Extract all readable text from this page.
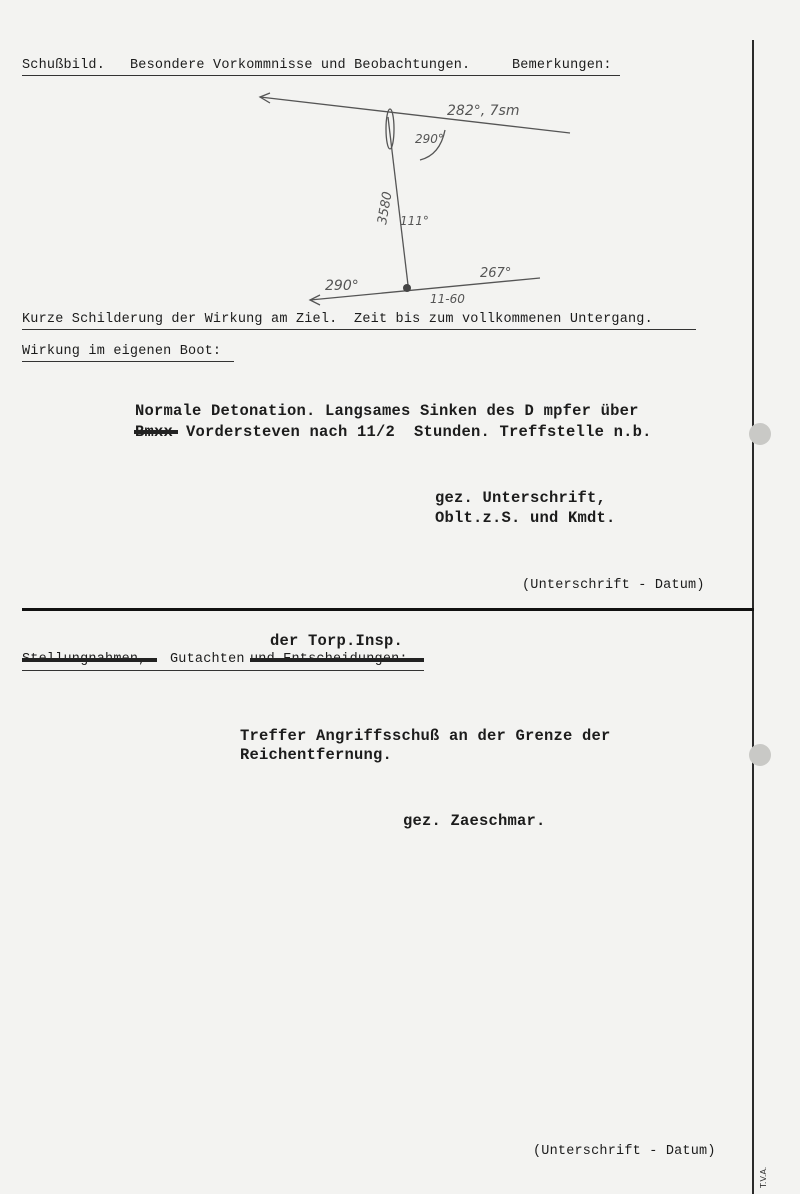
Schußbild. Besondere Vorkommnisse und Beobachtungen.	Bemerkungen:
282°, 7sm
290°
3580 111°
290°
267°
11-60
Kurze Schilderung der Wirkung am Ziel.  Zeit bis zum vollkommenen Untergang.
Wirkung im eigenen Boot:
Normale Detonation. Langsames Sinken des D mpfer über
Vordersteven nach 11/2  Stunden. Treffstelle n.b.
gez. Unterschrift,
Oblt.z.S. und Kmdt.
(Unterschrift - Datum)
der Torp.Insp.
Gutachten
Treffer Angriffsschuß an der Grenze der
Reichentfernung.
gez. Zaeschmar.
(Unterschrift - Datum)
T.V.A.
